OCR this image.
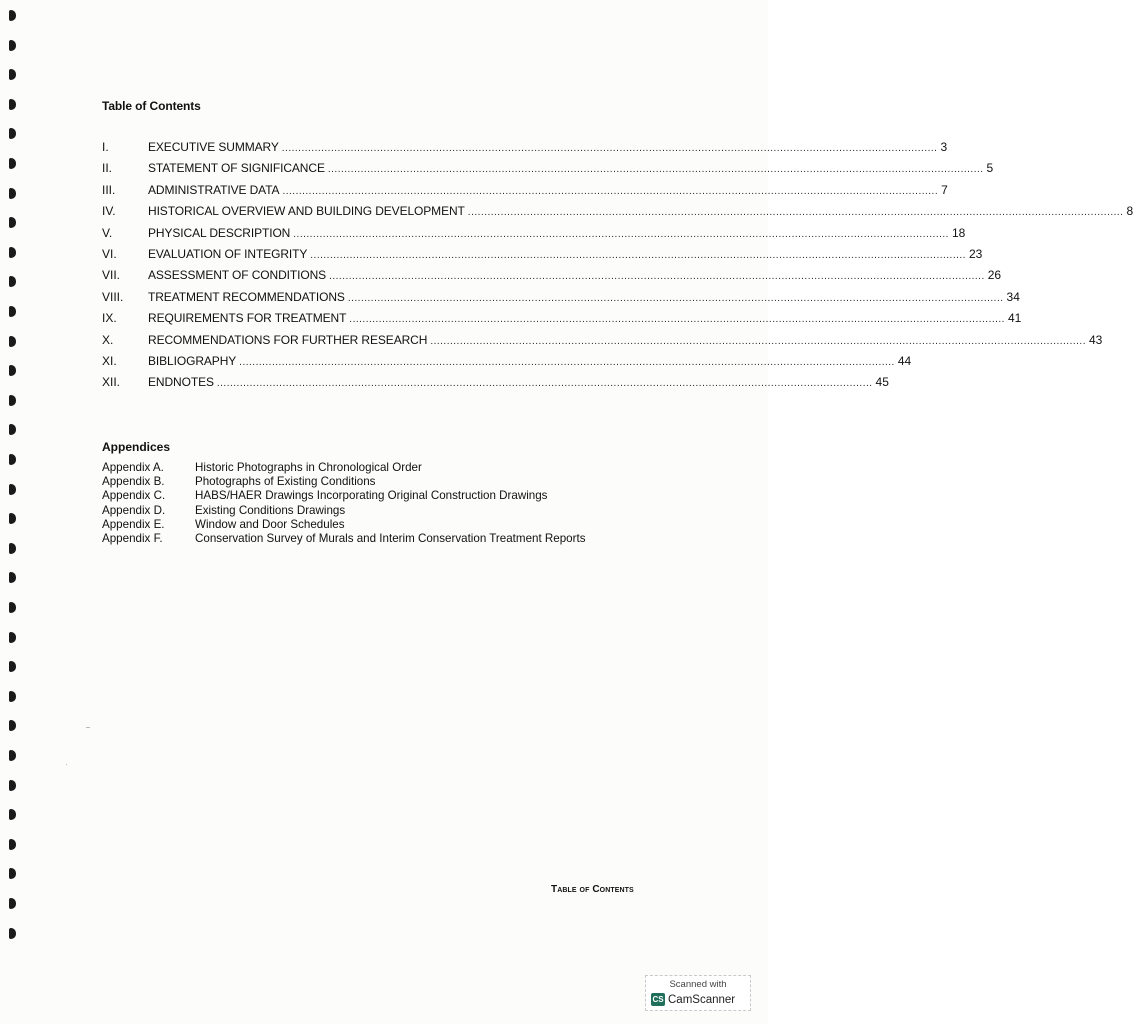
Table of Contents
I.	EXECUTIVE SUMMARY ........................................................................................................................................................................................................ 3
II.	STATEMENT OF SIGNIFICANCE ........................................................................................................................................................................................................ 5
III.	ADMINISTRATIVE DATA ........................................................................................................................................................................................................ 7
IV.	HISTORICAL OVERVIEW AND BUILDING DEVELOPMENT ........................................................................................................................................................................................................ 8
V.	PHYSICAL DESCRIPTION ........................................................................................................................................................................................................ 18
VI.	EVALUATION OF INTEGRITY ........................................................................................................................................................................................................ 23
VII.	ASSESSMENT OF CONDITIONS ........................................................................................................................................................................................................ 26
VIII.	TREATMENT RECOMMENDATIONS ........................................................................................................................................................................................................ 34
IX.	REQUIREMENTS FOR TREATMENT ........................................................................................................................................................................................................ 41
X.	RECOMMENDATIONS FOR FURTHER RESEARCH ........................................................................................................................................................................................................ 43
XI.	BIBLIOGRAPHY ........................................................................................................................................................................................................ 44
XII.	ENDNOTES ........................................................................................................................................................................................................ 45
Appendices
Appendix A.	Historic Photographs in Chronological Order
Appendix B.	Photographs of Existing Conditions
Appendix C.	HABS/HAER Drawings Incorporating Original Construction Drawings
Appendix D.	Existing Conditions Drawings
Appendix E.	Window and Door Schedules
Appendix F.	Conservation Survey of Murals and Interim Conservation Treatment Reports
Table of Contents
Scanned with
CS CamScanner
